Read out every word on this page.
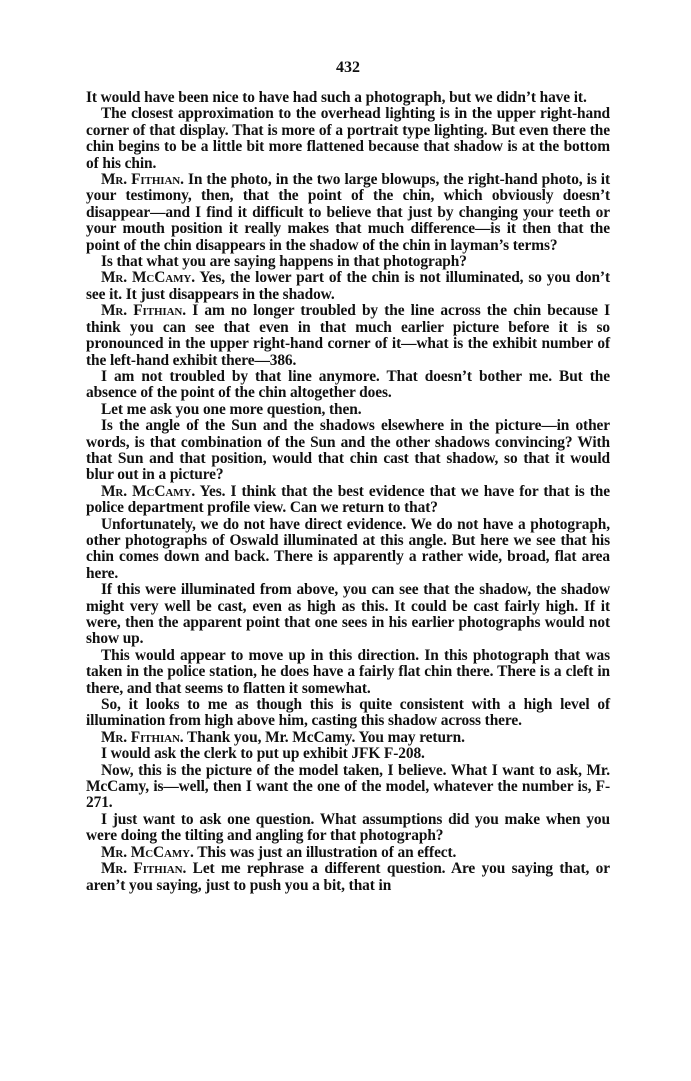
432

It would have been nice to have had such a photograph, but we didn’t have it.

The closest approximation to the overhead lighting is in the upper right-hand corner of that display. That is more of a portrait type lighting. But even there the chin begins to be a little bit more flattened because that shadow is at the bottom of his chin.

Mr. Fithian. In the photo, in the two large blowups, the right-hand photo, is it your testimony, then, that the point of the chin, which obviously doesn’t disappear—and I find it difficult to believe that just by changing your teeth or your mouth position it really makes that much difference—is it then that the point of the chin disappears in the shadow of the chin in layman’s terms?

Is that what you are saying happens in that photograph?

Mr. McCamy. Yes, the lower part of the chin is not illuminated, so you don’t see it. It just disappears in the shadow.

Mr. Fithian. I am no longer troubled by the line across the chin because I think you can see that even in that much earlier picture before it is so pronounced in the upper right-hand corner of it—what is the exhibit number of the left-hand exhibit there—386.

I am not troubled by that line anymore. That doesn’t bother me. But the absence of the point of the chin altogether does.

Let me ask you one more question, then.

Is the angle of the Sun and the shadows elsewhere in the picture—in other words, is that combination of the Sun and the other shadows convincing? With that Sun and that position, would that chin cast that shadow, so that it would blur out in a picture?

Mr. McCamy. Yes. I think that the best evidence that we have for that is the police department profile view. Can we return to that?

Unfortunately, we do not have direct evidence. We do not have a photograph, other photographs of Oswald illuminated at this angle. But here we see that his chin comes down and back. There is apparently a rather wide, broad, flat area here.

If this were illuminated from above, you can see that the shadow, the shadow might very well be cast, even as high as this. It could be cast fairly high. If it were, then the apparent point that one sees in his earlier photographs would not show up.

This would appear to move up in this direction. In this photograph that was taken in the police station, he does have a fairly flat chin there. There is a cleft in there, and that seems to flatten it somewhat.

So, it looks to me as though this is quite consistent with a high level of illumination from high above him, casting this shadow across there.

Mr. Fithian. Thank you, Mr. McCamy. You may return.

I would ask the clerk to put up exhibit JFK F-208.

Now, this is the picture of the model taken, I believe. What I want to ask, Mr. McCamy, is—well, then I want the one of the model, whatever the number is, F-271.

I just want to ask one question. What assumptions did you make when you were doing the tilting and angling for that photograph?

Mr. McCamy. This was just an illustration of an effect.

Mr. Fithian. Let me rephrase a different question. Are you saying that, or aren’t you saying, just to push you a bit, that in
